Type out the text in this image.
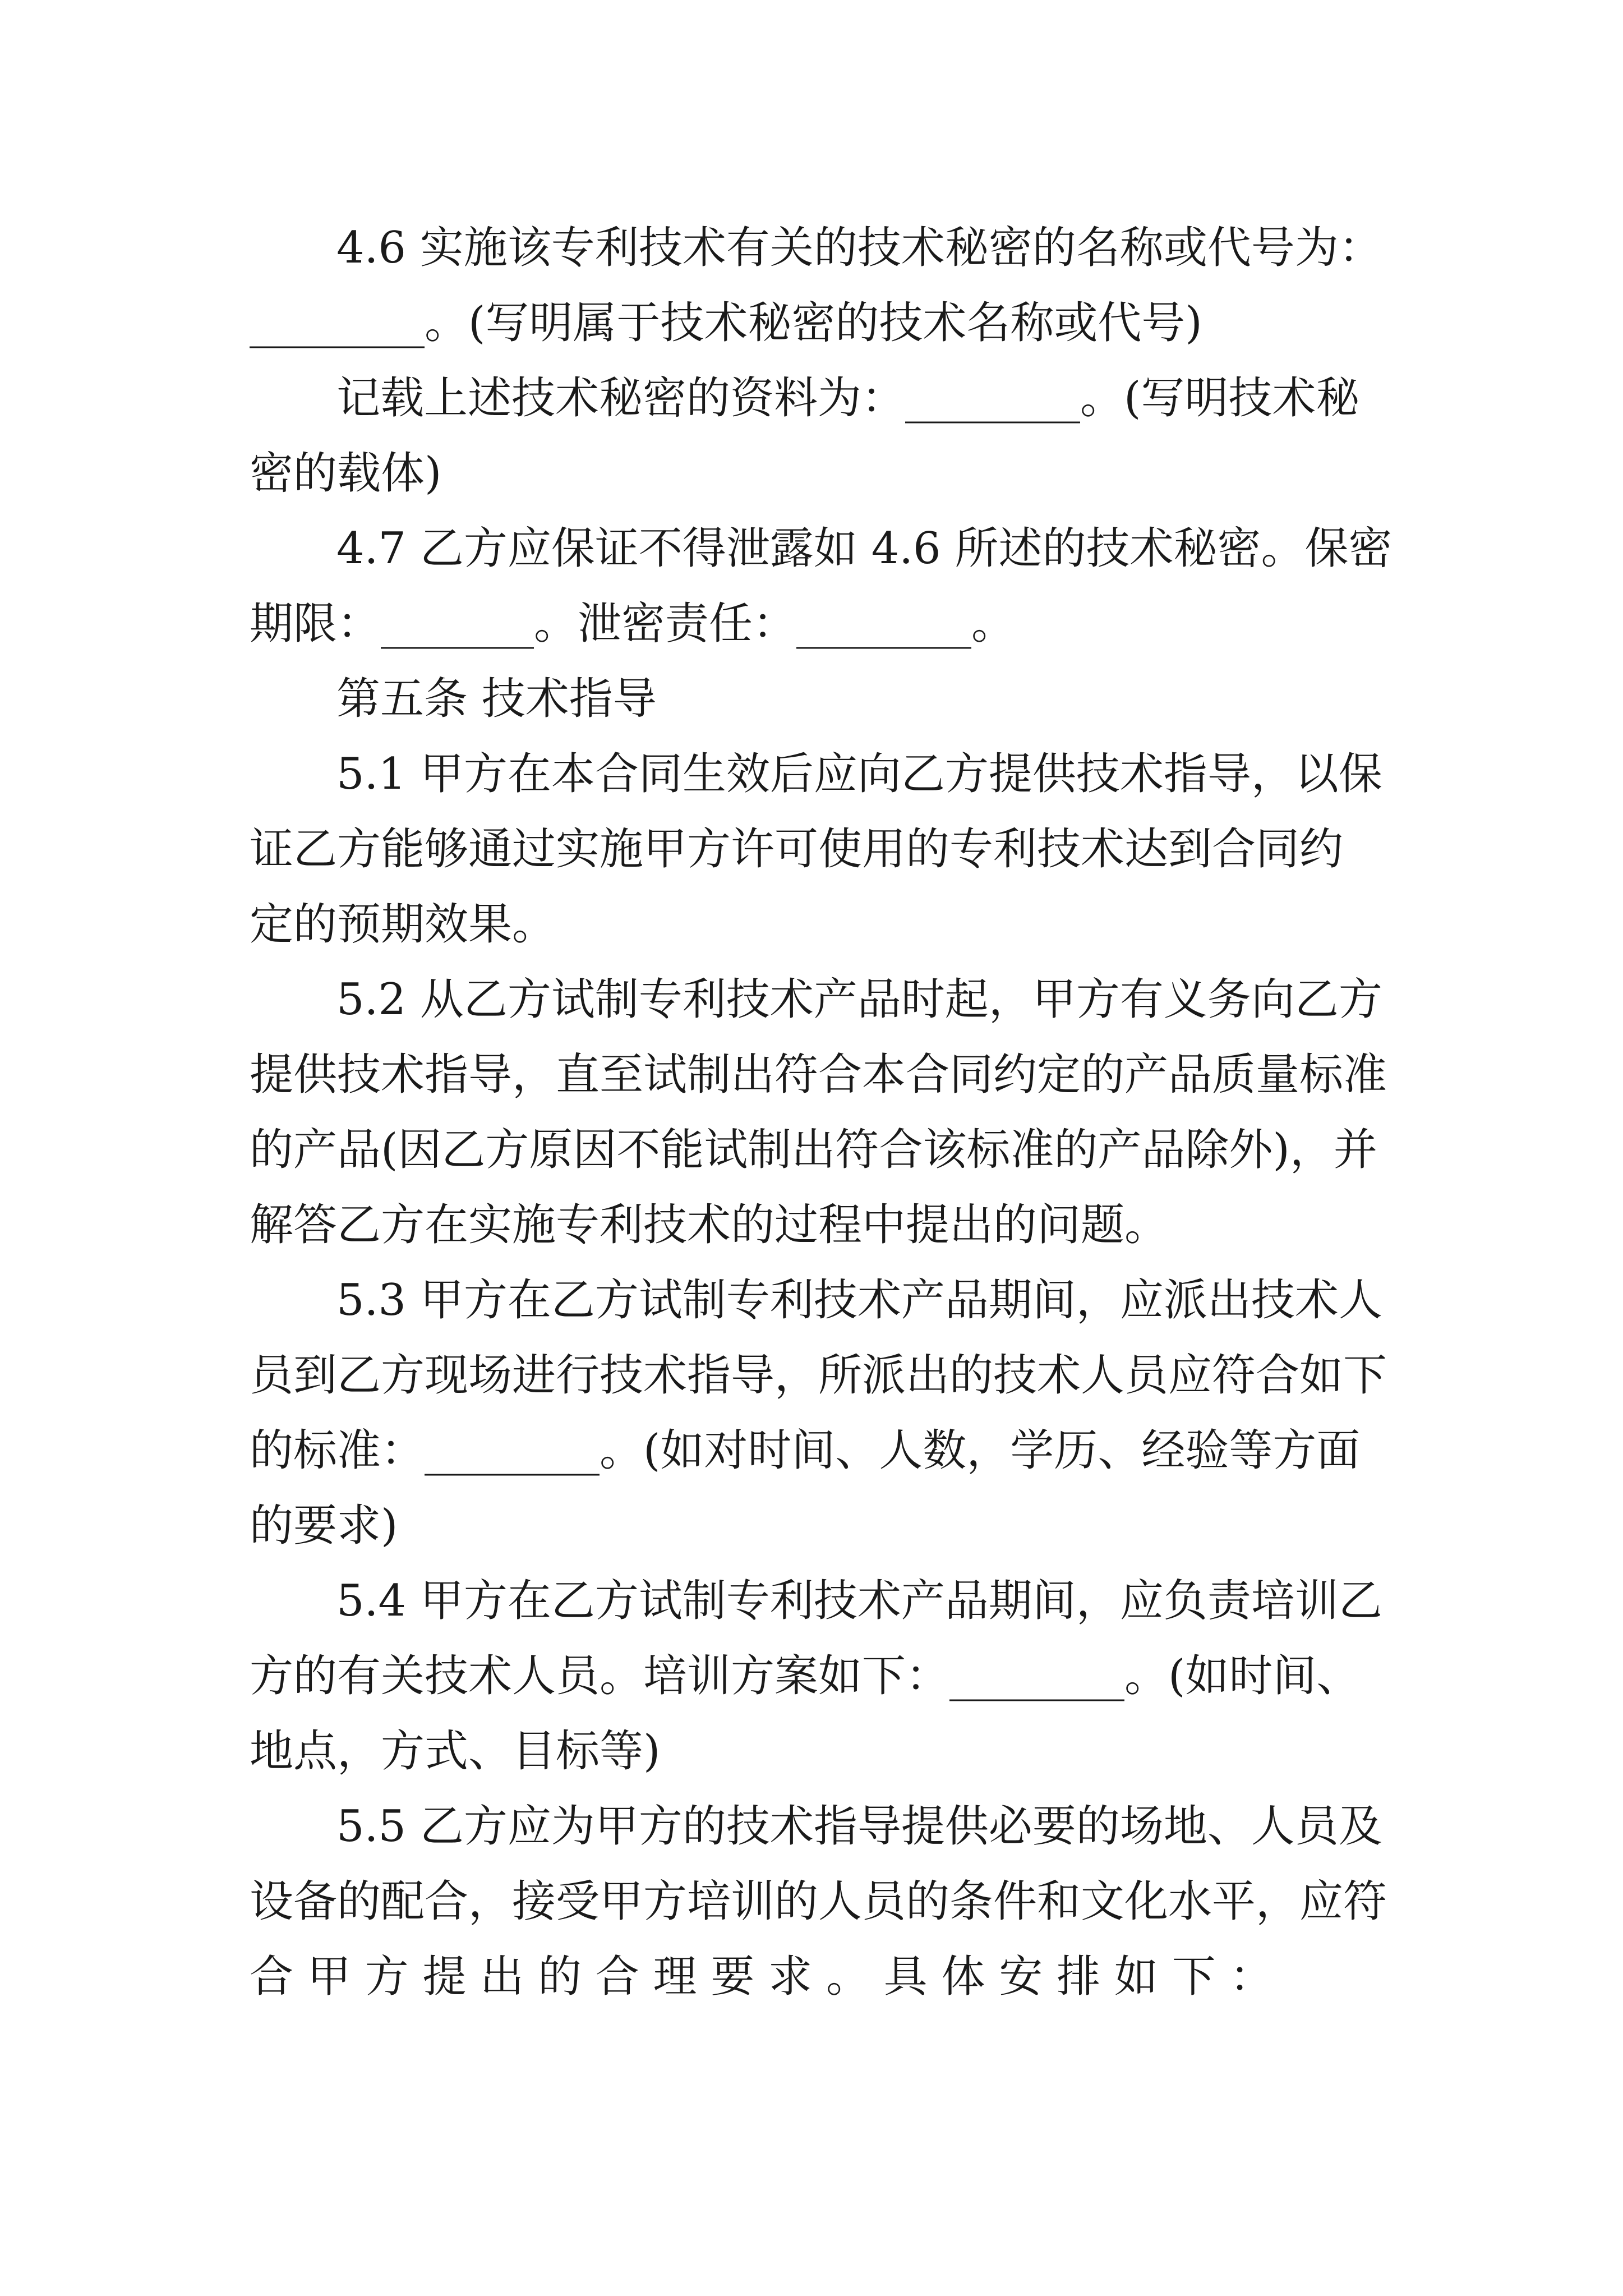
4.6 实施该专利技术有关的技术秘密的名称或代号为：

________。(写明属于技术秘密的技术名称或代号)

记载上述技术秘密的资料为：________。(写明技术秘

密的载体)

4.7 乙方应保证不得泄露如 4.6 所述的技术秘密。保密

期限：_______。泄密责任：________。

第五条 技术指导

5.1 甲方在本合同生效后应向乙方提供技术指导，以保

证乙方能够通过实施甲方许可使用的专利技术达到合同约

定的预期效果。

5.2 从乙方试制专利技术产品时起，甲方有义务向乙方

提供技术指导，直至试制出符合本合同约定的产品质量标准

的产品(因乙方原因不能试制出符合该标准的产品除外)，并

解答乙方在实施专利技术的过程中提出的问题。

5.3 甲方在乙方试制专利技术产品期间，应派出技术人

员到乙方现场进行技术指导，所派出的技术人员应符合如下

的标准：________。(如对时间、人数，学历、经验等方面

的要求)

5.4 甲方在乙方试制专利技术产品期间，应负责培训乙

方的有关技术人员。培训方案如下：________。(如时间、

地点，方式、目标等)

5.5 乙方应为甲方的技术指导提供必要的场地、人员及

设备的配合，接受甲方培训的人员的条件和文化水平，应符

合 甲 方 提 出 的 合 理 要 求 。 具 体 安 排 如 下 ：
